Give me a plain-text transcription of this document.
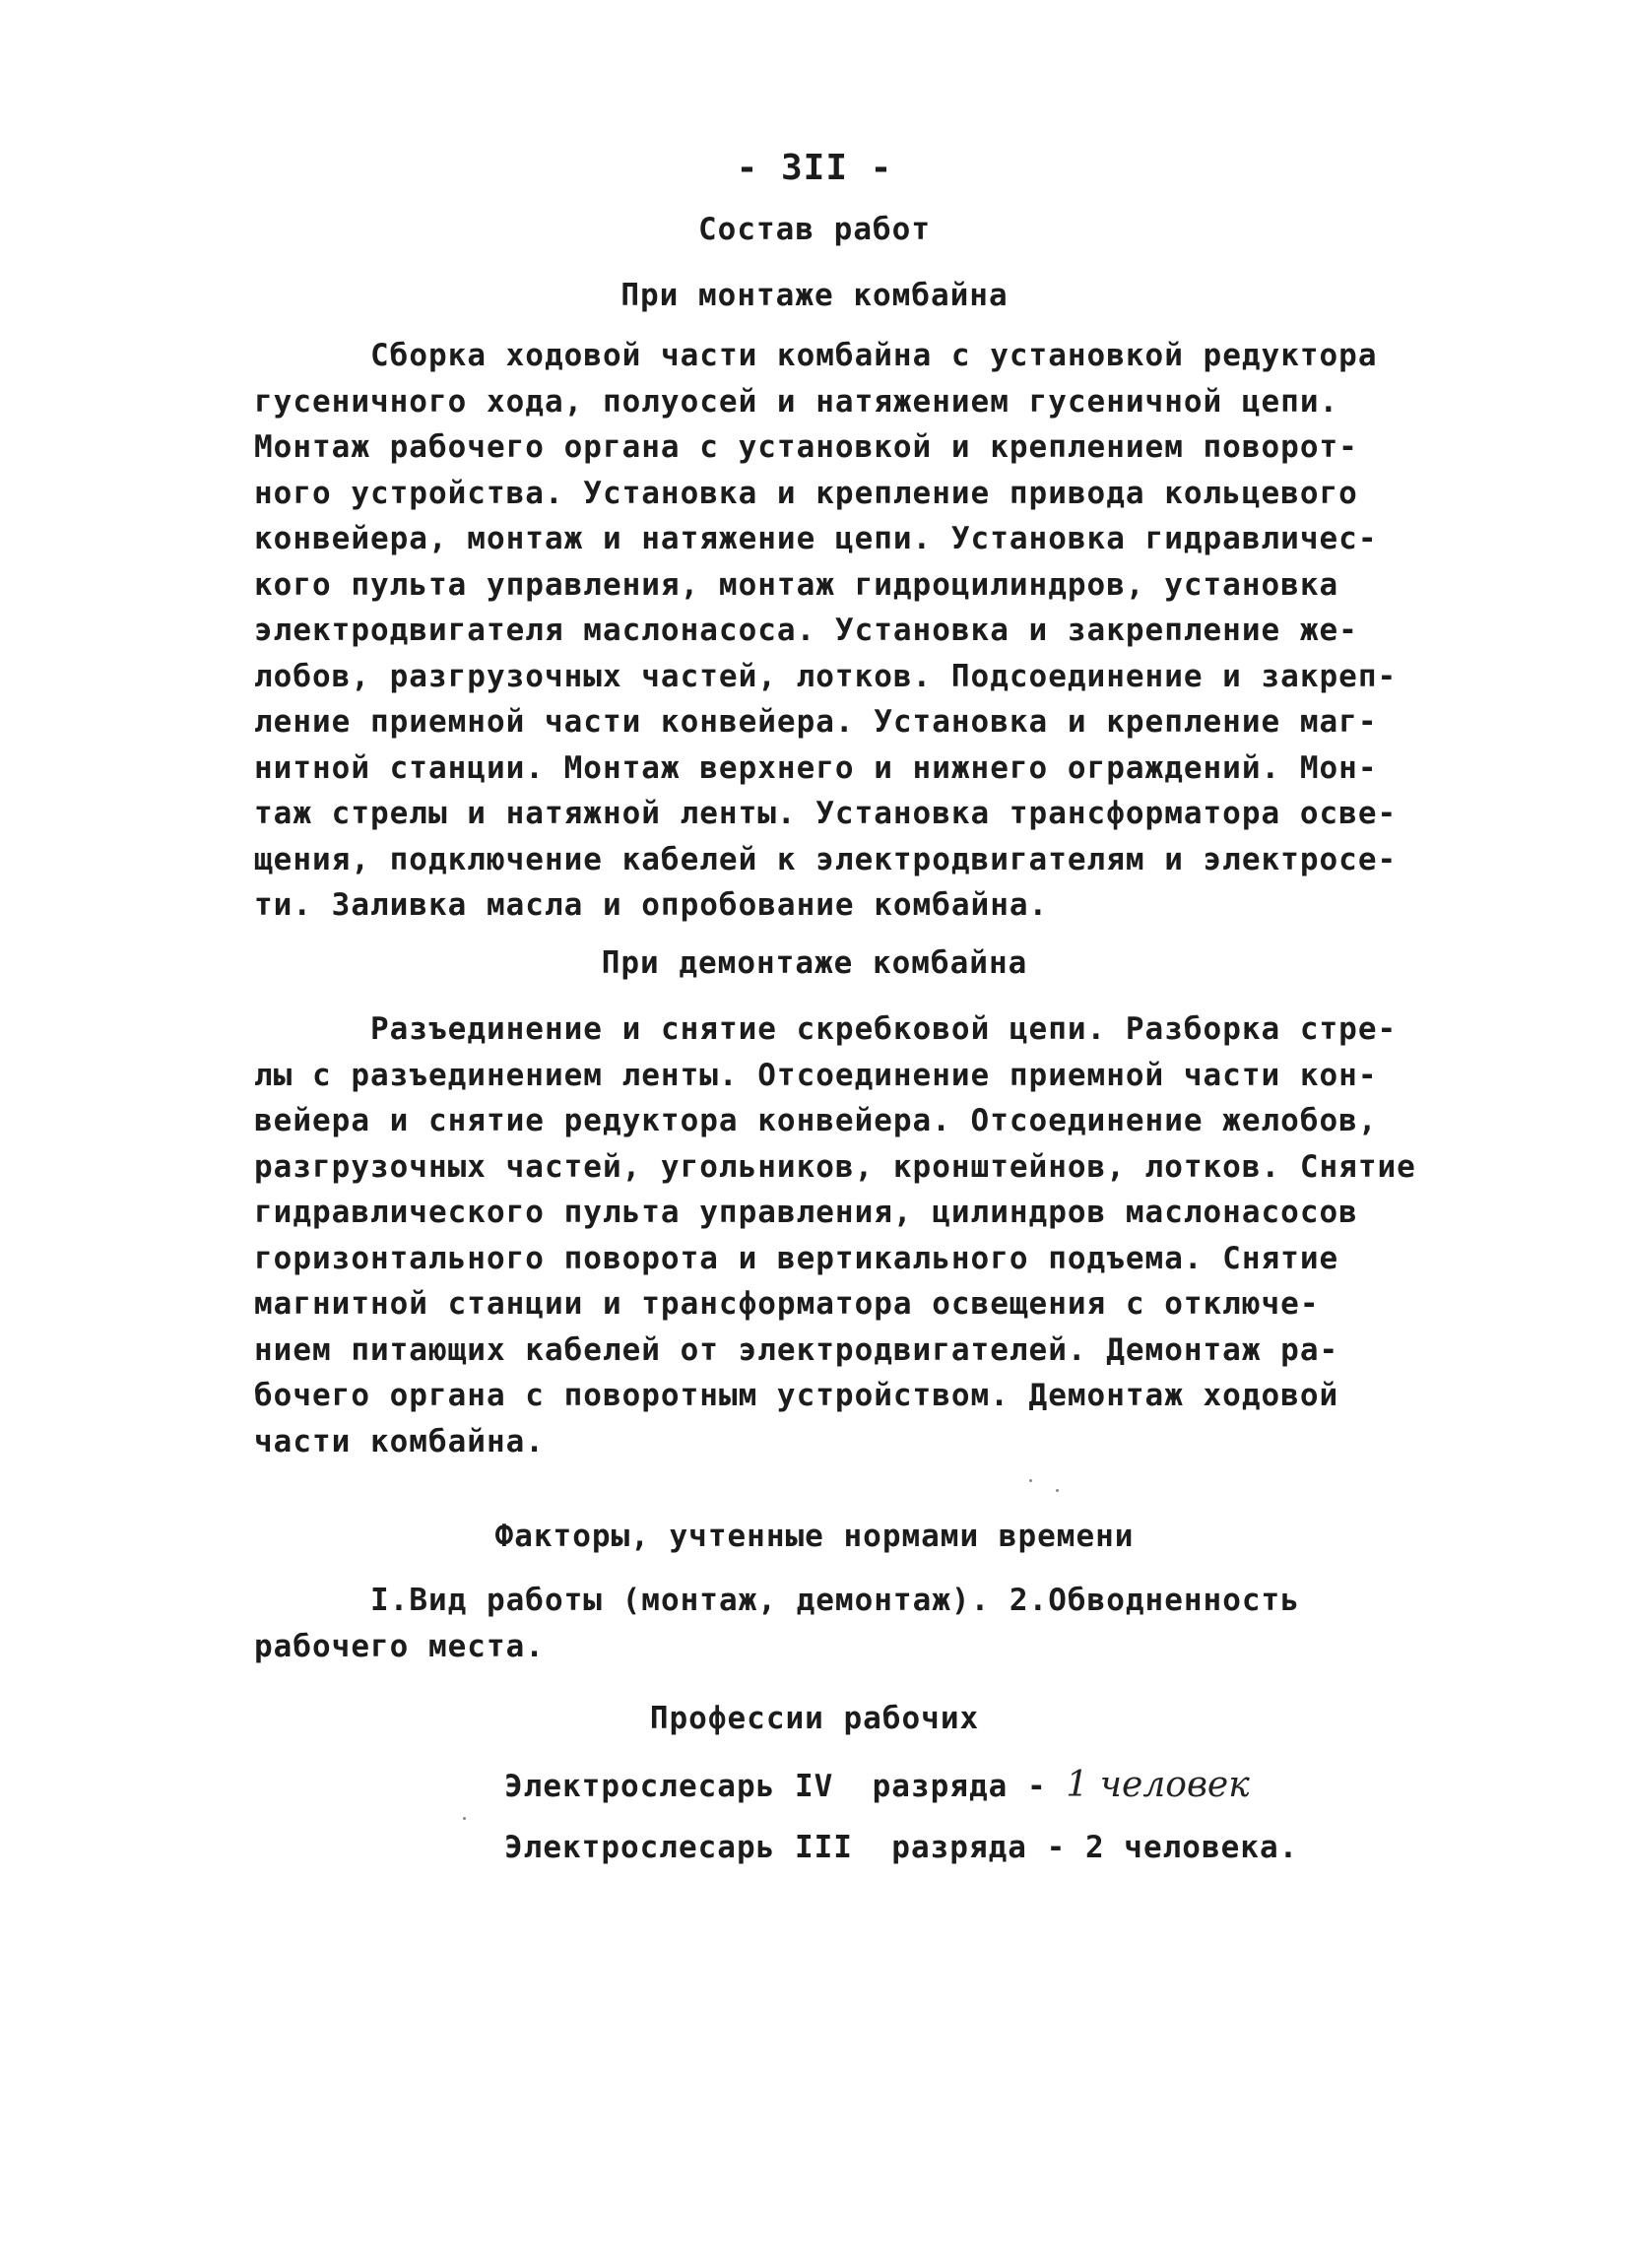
- 3II -
Состав работ
При монтаже комбайна

Сборка ходовой части комбайна с установкой редуктора
гусеничного хода, полуосей и натяжением гусеничной цепи.
Монтаж рабочего органа с установкой и креплением поворот-
ного устройства. Установка и крепление привода кольцевого
конвейера, монтаж и натяжение цепи. Установка гидравличес-
кого пульта управления, монтаж гидроцилиндров, установка
электродвигателя маслонасоса. Установка и закрепление же-
лобов, разгрузочных частей, лотков. Подсоединение и закреп-
ление приемной части конвейера. Установка и крепление маг-
нитной станции. Монтаж верхнего и нижнего ограждений. Мон-
таж стрелы и натяжной ленты. Установка трансформатора осве-
щения, подключение кабелей к электродвигателям и электросе-
ти. Заливка масла и опробование комбайна.

При демонтаже комбайна

Разъединение и снятие скребковой цепи. Разборка стре-
лы с разъединением ленты. Отсоединение приемной части кон-
вейера и снятие редуктора конвейера. Отсоединение желобов,
разгрузочных частей, угольников, кронштейнов, лотков. Снятие
гидравлического пульта управления, цилиндров маслонасосов
горизонтального поворота и вертикального подъема. Снятие
магнитной станции и трансформатора освещения с отключе-
нием питающих кабелей от электродвигателей. Демонтаж ра-
бочего органа с поворотным устройством. Демонтаж ходовой
части комбайна.

Факторы, учтенные нормами времени

I.Вид работы (монтаж, демонтаж). 2.Обводненность
рабочего места.

Профессии рабочих
Электрослесарь IV разряда - 1 человек
Электрослесарь III разряда - 2 человека.
